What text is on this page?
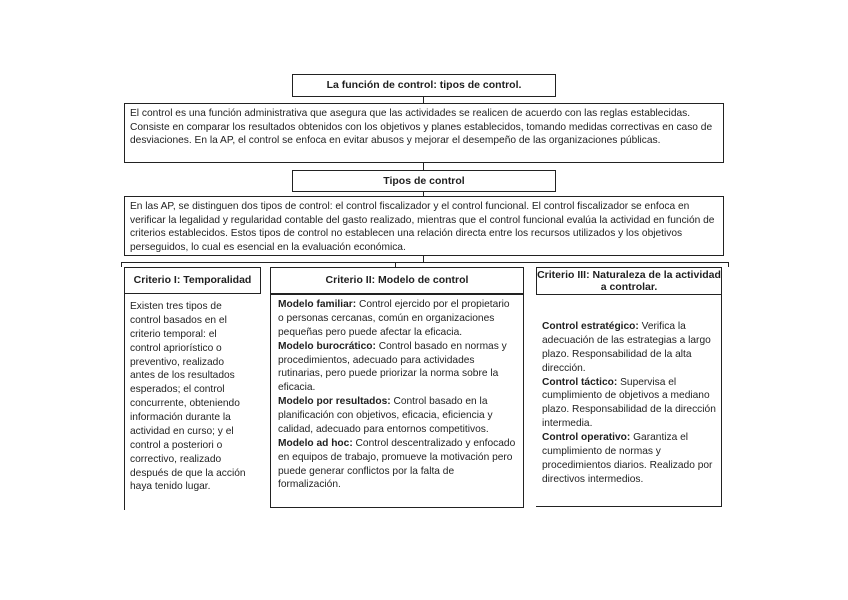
La función de control: tipos de control.

El control es una función administrativa que asegura que las actividades se realicen de acuerdo con las reglas establecidas. Consiste en comparar los resultados obtenidos con los objetivos y planes establecidos, tomando medidas correctivas en caso de desviaciones. En la AP, el control se enfoca en evitar abusos y mejorar el desempeño de las organizaciones públicas.

Tipos de control

En las AP, se distinguen dos tipos de control: el control fiscalizador y el control funcional. El control fiscalizador se enfoca en verificar la legalidad y regularidad contable del gasto realizado, mientras que el control funcional evalúa la actividad en función de criterios establecidos. Estos tipos de control no establecen una relación directa entre los recursos utilizados y los objetivos perseguidos, lo cual es esencial en la evaluación económica.

Criterio I: Temporalidad

Existen tres tipos de control basados en el criterio temporal: el control apriorístico o preventivo, realizado antes de los resultados esperados; el control concurrente, obteniendo información durante la actividad en curso; y el control a posteriori o correctivo, realizado después de que la acción haya tenido lugar.

Criterio II: Modelo de control

Modelo familiar: Control ejercido por el propietario o personas cercanas, común en organizaciones pequeñas pero puede afectar la eficacia.

Modelo burocrático: Control basado en normas y procedimientos, adecuado para actividades rutinarias, pero puede priorizar la norma sobre la eficacia.

Modelo por resultados: Control basado en la planificación con objetivos, eficacia, eficiencia y calidad, adecuado para entornos competitivos.

Modelo ad hoc: Control descentralizado y enfocado en equipos de trabajo, promueve la motivación pero puede generar conflictos por la falta de formalización.

Criterio III: Naturaleza de la actividad a controlar.

Control estratégico: Verifica la adecuación de las estrategias a largo plazo. Responsabilidad de la alta dirección.

Control táctico: Supervisa el cumplimiento de objetivos a mediano plazo. Responsabilidad de la dirección intermedia.

Control operativo: Garantiza el cumplimiento de normas y procedimientos diarios. Realizado por directivos intermedios.
